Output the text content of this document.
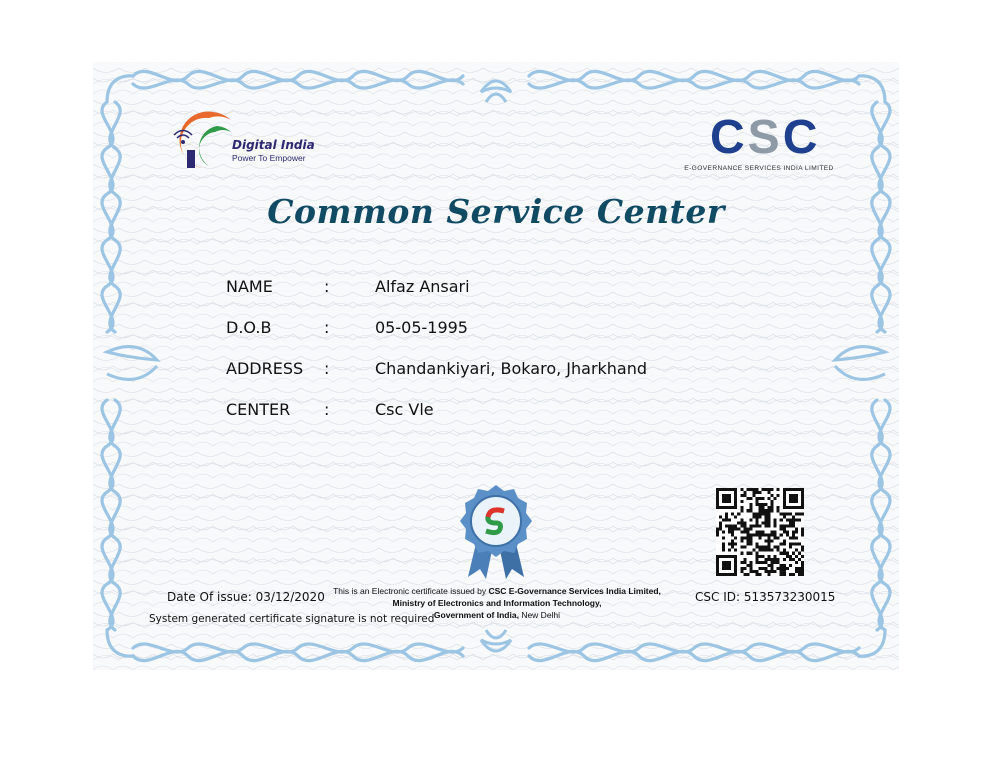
Digital India
Power To Empower	C S C
E-GOVERNANCE SERVICES INDIA LIMITED
Common Service Center
NAME	:	Alfaz Ansari
D.O.B	:	05-05-1995
ADDRESS :	Chandankiyari, Bokaro, Jharkhand
CENTER :	Csc Vle
Date Of issue: 03/12/2020
System generated certificate signature is not required
This is an Electronic certificate issued by CSC E-Governance Services India Limited,
Ministry of Electronics and Information Technology,
Government of India, New Delhi
CSC ID: 513573230015
